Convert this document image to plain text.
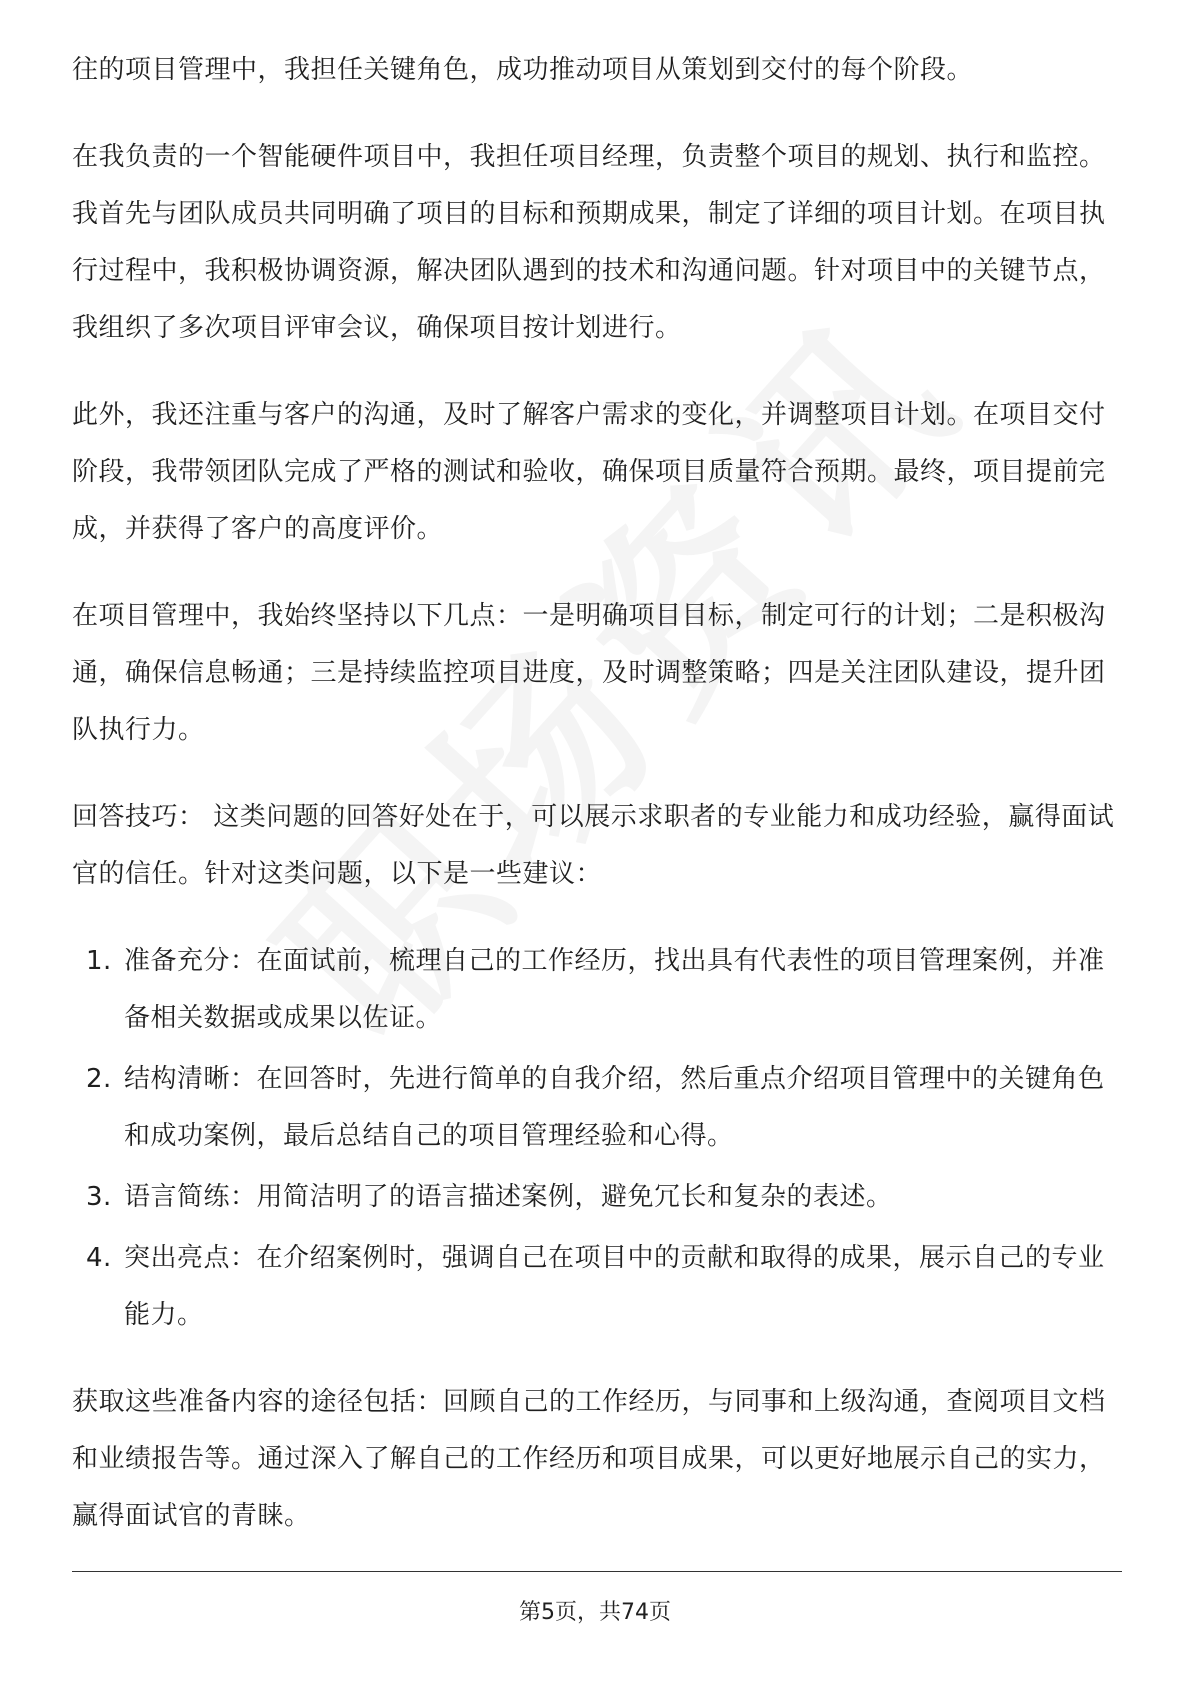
往的项目管理中，我担任关键角色，成功推动项目从策划到交付的每个阶段。

在我负责的一个智能硬件项目中，我担任项目经理，负责整个项目的规划、执行和监控。我首先与团队成员共同明确了项目的目标和预期成果，制定了详细的项目计划。在项目执行过程中，我积极协调资源，解决团队遇到的技术和沟通问题。针对项目中的关键节点，我组织了多次项目评审会议，确保项目按计划进行。

此外，我还注重与客户的沟通，及时了解客户需求的变化，并调整项目计划。在项目交付阶段，我带领团队完成了严格的测试和验收，确保项目质量符合预期。最终，项目提前完成，并获得了客户的高度评价。

在项目管理中，我始终坚持以下几点：一是明确项目目标，制定可行的计划；二是积极沟通，确保信息畅通；三是持续监控项目进度，及时调整策略；四是关注团队建设，提升团队执行力。

回答技巧： 这类问题的回答好处在于，可以展示求职者的专业能力和成功经验，赢得面试官的信任。针对这类问题，以下是一些建议：

1. 准备充分：在面试前，梳理自己的工作经历，找出具有代表性的项目管理案例，并准备相关数据或成果以佐证。
2. 结构清晰：在回答时，先进行简单的自我介绍，然后重点介绍项目管理中的关键角色和成功案例，最后总结自己的项目管理经验和心得。
3. 语言简练：用简洁明了的语言描述案例，避免冗长和复杂的表述。
4. 突出亮点：在介绍案例时，强调自己在项目中的贡献和取得的成果，展示自己的专业能力。

获取这些准备内容的途径包括：回顾自己的工作经历，与同事和上级沟通，查阅项目文档和业绩报告等。通过深入了解自己的工作经历和项目成果，可以更好地展示自己的实力，赢得面试官的青睐。

第5页，共74页
